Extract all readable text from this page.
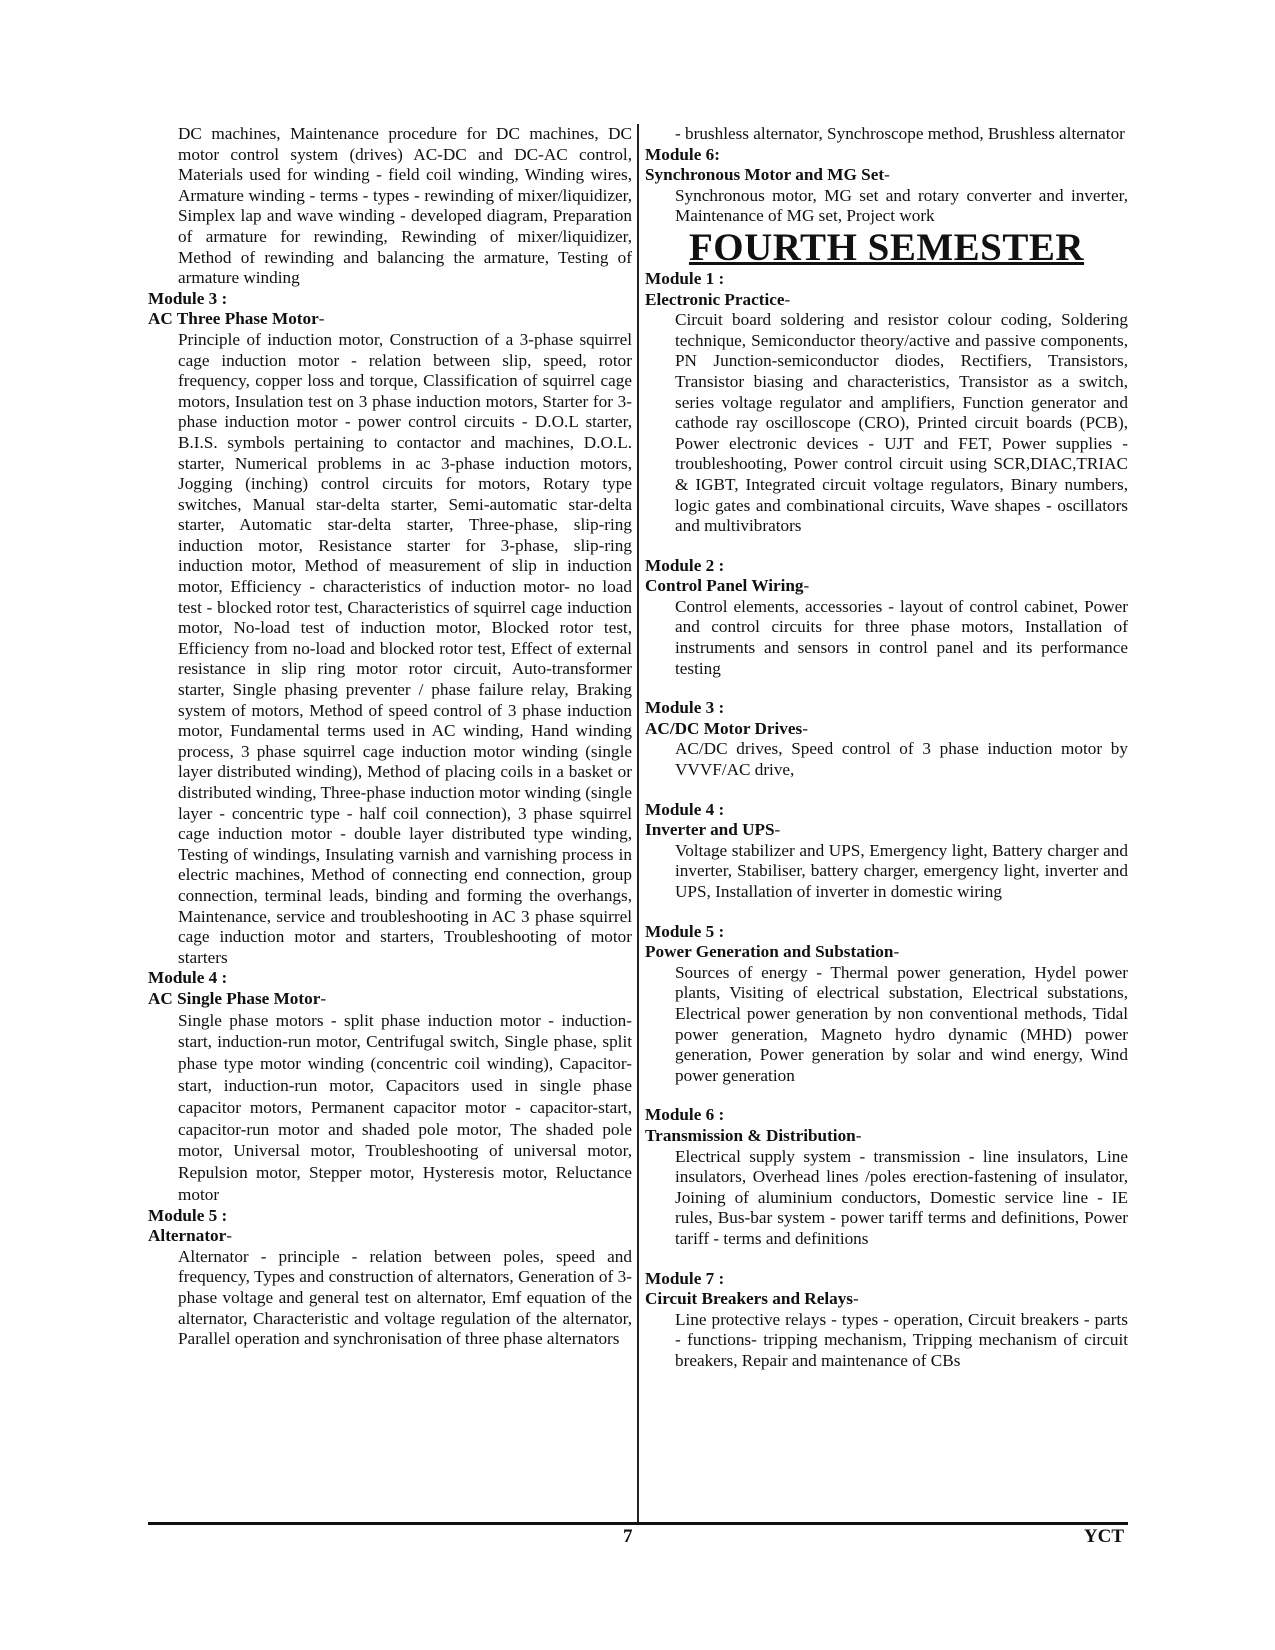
DC machines, Maintenance procedure for DC machines, DC motor control system (drives) AC-DC and DC-AC control, Materials used for winding - field coil winding, Winding wires, Armature winding - terms - types - rewinding of mixer/liquidizer, Simplex lap and wave winding - developed diagram, Preparation of armature for rewinding, Rewinding of mixer/liquidizer, Method of rewinding and balancing the armature, Testing of armature winding
Module 3 :
AC Three Phase Motor-
Principle of induction motor, Construction of a 3-phase squirrel cage induction motor - relation between slip, speed, rotor frequency, copper loss and torque, Classification of squirrel cage motors, Insulation test on 3 phase induction motors, Starter for 3-phase induction motor - power control circuits - D.O.L starter, B.I.S. symbols pertaining to contactor and machines, D.O.L. starter, Numerical problems in ac 3-phase induction motors, Jogging (inching) control circuits for motors, Rotary type switches, Manual star-delta starter, Semi-automatic star-delta starter, Automatic star-delta starter, Three-phase, slip-ring induction motor, Resistance starter for 3-phase, slip-ring induction motor, Method of measurement of slip in induction motor, Efficiency - characteristics of induction motor- no load test - blocked rotor test, Characteristics of squirrel cage induction motor, No-load test of induction motor, Blocked rotor test, Efficiency from no-load and blocked rotor test, Effect of external resistance in slip ring motor rotor circuit, Auto-transformer starter, Single phasing preventer / phase failure relay, Braking system of motors, Method of speed control of 3 phase induction motor, Fundamental terms used in AC winding, Hand winding process, 3 phase squirrel cage induction motor winding (single layer distributed winding), Method of placing coils in a basket or distributed winding, Three-phase induction motor winding (single layer - concentric type - half coil connection), 3 phase squirrel cage induction motor - double layer distributed type winding, Testing of windings, Insulating varnish and varnishing process in electric machines, Method of connecting end connection, group connection, terminal leads, binding and forming the overhangs, Maintenance, service and troubleshooting in AC 3 phase squirrel cage induction motor and starters, Troubleshooting of motor starters
Module 4 :
AC Single Phase Motor-
Single phase motors - split phase induction motor - induction-start, induction-run motor, Centrifugal switch, Single phase, split phase type motor winding (concentric coil winding), Capacitor-start, induction-run motor, Capacitors used in single phase capacitor motors, Permanent capacitor motor - capacitor-start, capacitor-run motor and shaded pole motor, The shaded pole motor, Universal motor, Troubleshooting of universal motor, Repulsion motor, Stepper motor, Hysteresis motor, Reluctance motor
Module 5 :
Alternator-
Alternator - principle - relation between poles, speed and frequency, Types and construction of alternators, Generation of 3-phase voltage and general test on alternator, Emf equation of the alternator, Characteristic and voltage regulation of the alternator, Parallel operation and synchronisation of three phase alternators
- brushless alternator, Synchroscope method, Brushless alternator
Module 6:
Synchronous Motor and MG Set-
Synchronous motor, MG set and rotary converter and inverter, Maintenance of MG set, Project work
FOURTH SEMESTER
Module 1 :
Electronic Practice-
Circuit board soldering and resistor colour coding, Soldering technique, Semiconductor theory/active and passive components, PN Junction-semiconductor diodes, Rectifiers, Transistors, Transistor biasing and characteristics, Transistor as a switch, series voltage regulator and amplifiers, Function generator and cathode ray oscilloscope (CRO), Printed circuit boards (PCB), Power electronic devices - UJT and FET, Power supplies - troubleshooting, Power control circuit using SCR,DIAC,TRIAC & IGBT, Integrated circuit voltage regulators, Binary numbers, logic gates and combinational circuits, Wave shapes - oscillators and multivibrators
Module 2 :
Control Panel Wiring-
Control elements, accessories - layout of control cabinet, Power and control circuits for three phase motors, Installation of instruments and sensors in control panel and its performance testing
Module 3 :
AC/DC Motor Drives-
AC/DC drives, Speed control of 3 phase induction motor by VVVF/AC drive,
Module 4 :
Inverter and UPS-
Voltage stabilizer and UPS, Emergency light, Battery charger and inverter, Stabiliser, battery charger, emergency light, inverter and UPS, Installation of inverter in domestic wiring
Module 5 :
Power Generation and Substation-
Sources of energy - Thermal power generation, Hydel power plants, Visiting of electrical substation, Electrical substations, Electrical power generation by non conventional methods, Tidal power generation, Magneto hydro dynamic (MHD) power generation, Power generation by solar and wind energy, Wind power generation
Module 6 :
Transmission & Distribution-
Electrical supply system - transmission - line insulators, Line insulators, Overhead lines /poles erection-fastening of insulator, Joining of aluminium conductors, Domestic service line - IE rules, Bus-bar system - power tariff terms and definitions, Power tariff - terms and definitions
Module 7 :
Circuit Breakers and Relays-
Line protective relays - types - operation, Circuit breakers - parts - functions- tripping mechanism, Tripping mechanism of circuit breakers, Repair and maintenance of CBs
7	YCT
